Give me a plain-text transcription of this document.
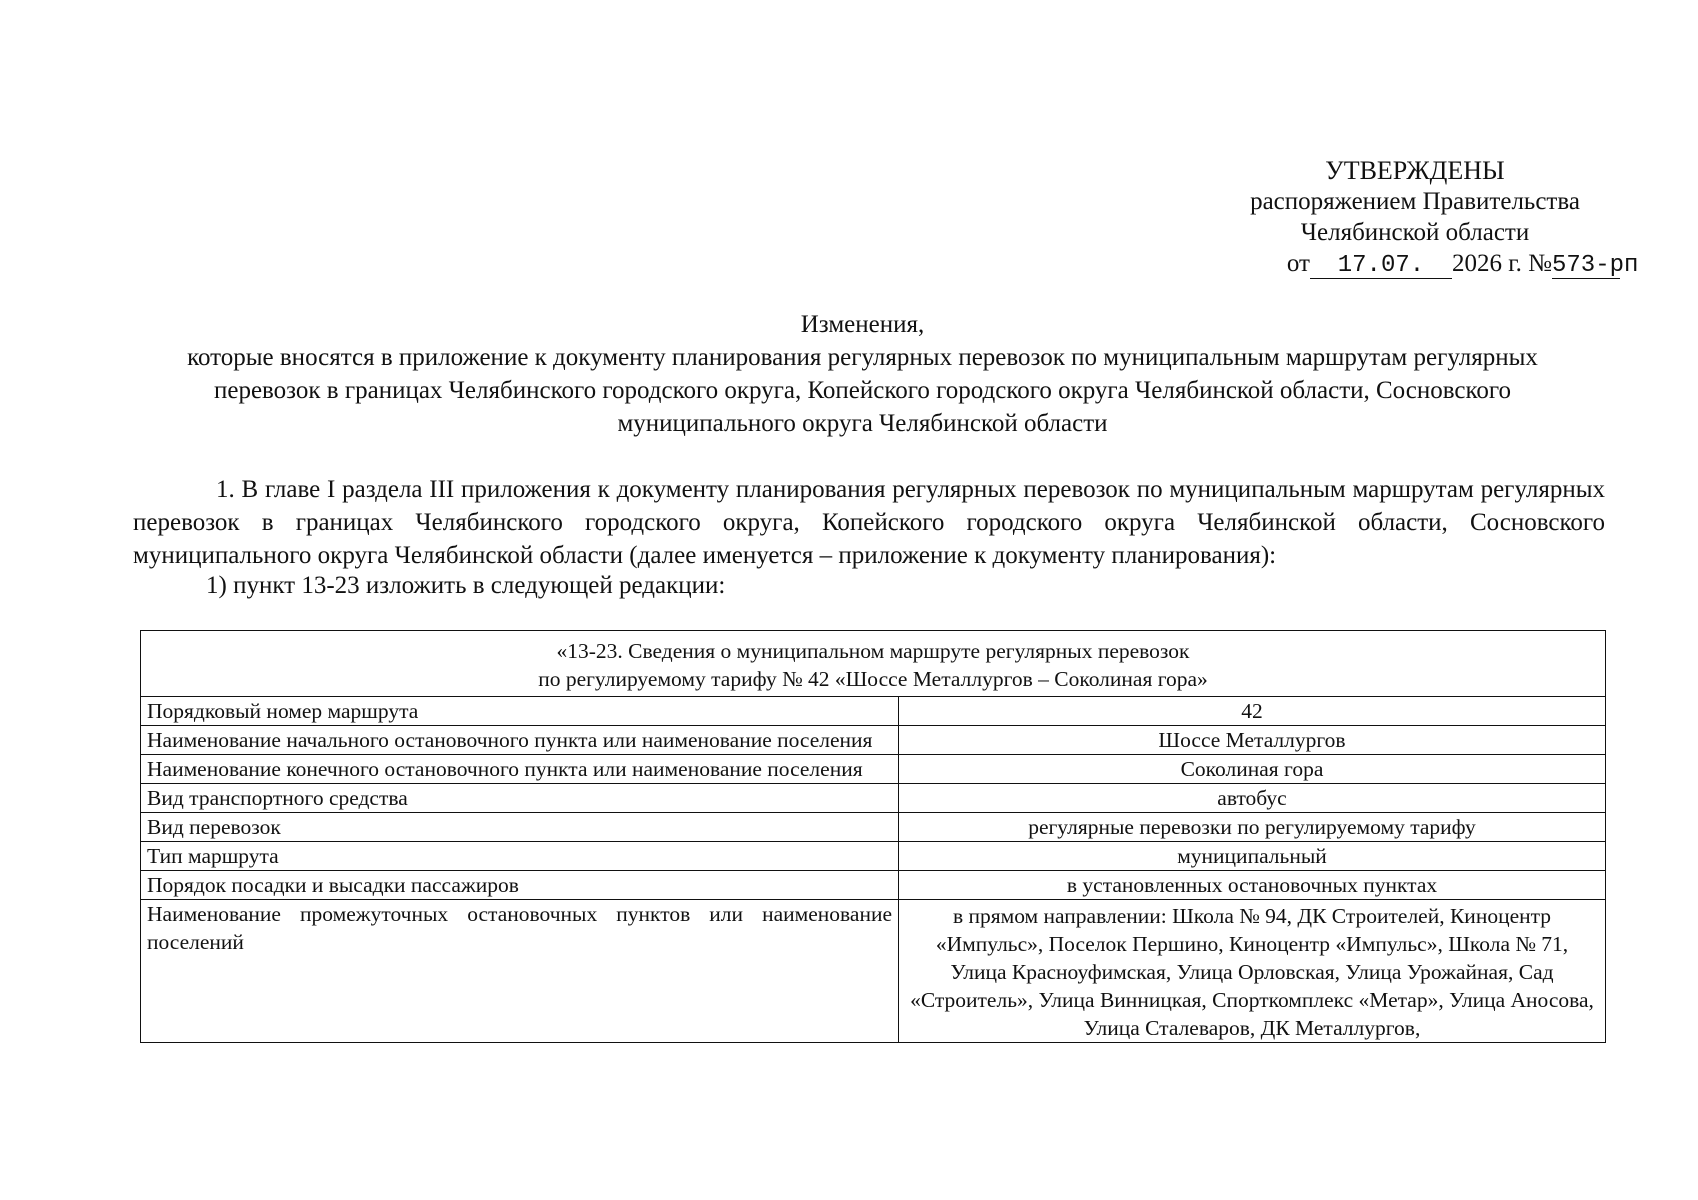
УТВЕРЖДЕНЫ
распоряжением Правительства
Челябинской области
от 17.07. 2026 г. №573-рп
Изменения,
которые вносятся в приложение к документу планирования регулярных перевозок по муниципальным маршрутам регулярных перевозок в границах Челябинского городского округа, Копейского городского округа Челябинской области, Сосновского муниципального округа Челябинской области

1. В главе I раздела III приложения к документу планирования регулярных перевозок по муниципальным маршрутам регулярных перевозок в границах Челябинского городского округа, Копейского городского округа Челябинской области, Сосновского муниципального округа Челябинской области (далее именуется – приложение к документу планирования):

1) пункт 13-23 изложить в следующей редакции:

«13-23. Сведения о муниципальном маршруте регулярных перевозок
по регулируемому тарифу № 42 «Шоссе Металлургов – Соколиная гора»	

Порядковый номер маршрута	42
Наименование начального остановочного пункта или наименование поселения	Шоссе Металлургов
Наименование конечного остановочного пункта или наименование поселения	Соколиная гора
Вид транспортного средства	автобус
Вид перевозок	регулярные перевозки по регулируемому тарифу
Тип маршрута	муниципальный
Порядок посадки и высадки пассажиров	в установленных остановочных пунктах
Наименование промежуточных остановочных пунктов или наименование поселений	в прямом направлении: Школа № 94, ДК Строителей, Киноцентр «Импульс», Поселок Першино, Киноцентр «Импульс», Школа № 71, Улица Красноуфимская, Улица Орловская, Улица Урожайная, Сад «Строитель», Улица Винницкая, Спорткомплекс «Метар», Улица Аносова, Улица Сталеваров, ДК Металлургов,
